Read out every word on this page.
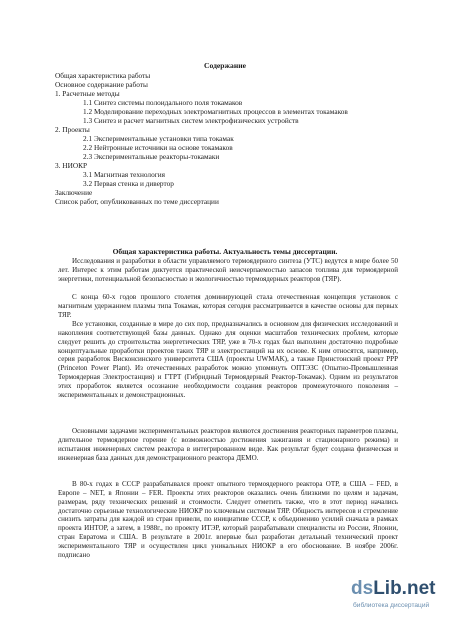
Содержание
Общая характеристика работы
Основное содержание работы
1. Расчетные методы
1.1 Синтез системы полоидального поля токамаков
1.2 Моделирование переходных электромагнитных процессов в элементах токамаков
1.3 Синтез и расчет магнитных систем электрофизических устройств
2. Проекты
2.1 Экспериментальные установки типа токамак
2.2 Нейтронные источники на основе токамаков
2.3 Экспериментальные реакторы-токамаки
3. НИОКР
3.1 Магнитная технология
3.2 Первая стенка и дивертор
Заключение
Список работ, опубликованных по теме диссертации
Общая характеристика работы. Актуальность темы диссертации.
Исследования и разработки в области управляемого термоядерного синтеза (УТС) ведутся в мире более 50 лет. Интерес к этим работам диктуется практической неисчерпаемостью запасов топлива для термоядерной энергетики, потенциальной безопасностью и экологичностью термоядерных реакторов (ТЯР).
С конца 60-х годов прошлого столетия доминирующей стала отечественная концепция установок с магнитным удержанием плазмы типа Токамак, которая сегодня рассматривается в качестве основы для первых ТЯР.
Все установки, созданные в мире до сих пор, предназначались в основном для физических исследований и накопления соответствующей базы данных. Однако для оценки масштабов технических проблем, которые следует решить до строительства энергетических ТЯР, уже в 70-х годах был выполнен достаточно подробные концептуальные проработки проектов таких ТЯР и электростанций на их основе. К ним относятся, например, серия разработок Висконсинского университета США (проекты UWMAK), а также Принстонский проект PPP (Princeton Power Plant). Из отечественных разработок можно упомянуть ОПТЭЗС (Опытно-Промышленная Термоядерная Электростанция) и ГТРТ (Гибридный Термоядерный Реактор-Токамак). Одним из результатов этих проработок является осознание необходимости создания реакторов промежуточного поколения – экспериментальных и демонстрационных.
Основными задачами экспериментальных реакторов являются достижения реакторных параметров плазмы, длительное термоядерное горение (с возможностью достижения зажигания и стационарного режима) и испытания инженерных систем реактора в интегрированном виде. Как результат будет создана физическая и инженерная база данных для демонстрационного реактора ДЕМО.
В 80-х годах в СССР разрабатывался проект опытного термоядерного реактора ОТР, в США – FED, в Европе – NET, в Японии – FER. Проекты этих реакторов оказались очень близкими по целям и задачам, размерам, ряду технических решений и стоимости. Следует отметить также, что в этот период начались достаточно серьезные технологические НИОКР по ключевым системам ТЯР. Общность интересов и стремление снизить затраты для каждой из стран привели, по инициативе СССР, к объединению усилий сначала в рамках проекта ИНТОР, а затем, в 1988г., по проекту ИТЭР, который разрабатывали специалисты из России, Японии, стран Евратома и США. В результате в 2001г. впервые был разработан детальный технический проект экспериментального ТЯР и осуществлен цикл уникальных НИОКР в его обоснование. В ноябре 2006г. подписано
dsLib.net
библиотека диссертаций
